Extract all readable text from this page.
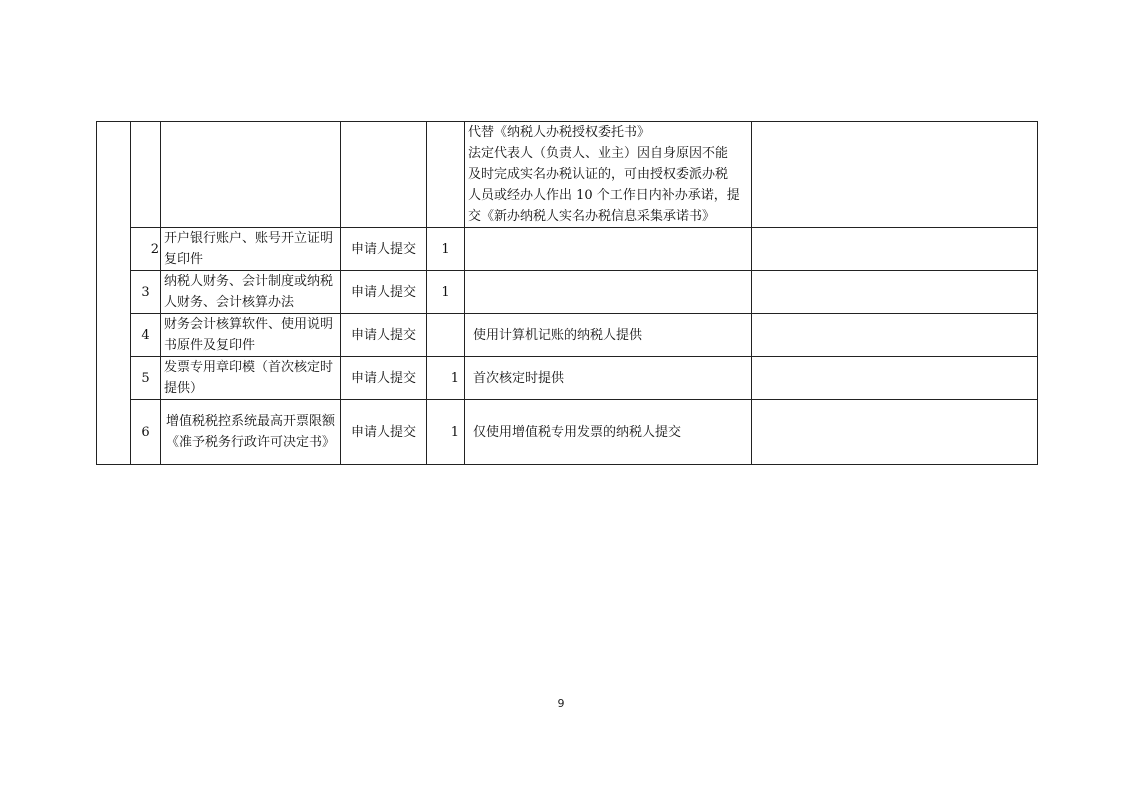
					代替《纳税人办税授权委托书》
法定代表人（负责人、业主）因自身原因不能
及时完成实名办税认证的，可由授权委派办税
人员或经办人作出 10 个工作日内补办承诺，提
交《新办纳税人实名办税信息采集承诺书》	

	2	开户银行账户、账号开立证明复印件	申请人提交	1		
	3	纳税人财务、会计制度或纳税人财务、会计核算办法	申请人提交	1		
	4	财务会计核算软件、使用说明书原件及复印件	申请人提交		使用计算机记账的纳税人提供	
	5	发票专用章印模（首次核定时提供）	申请人提交	1	首次核定时提供	
	6	增值税税控系统最高开票限额《准予税务行政许可决定书》	申请人提交	1	仅使用增值税专用发票的纳税人提交	
9
